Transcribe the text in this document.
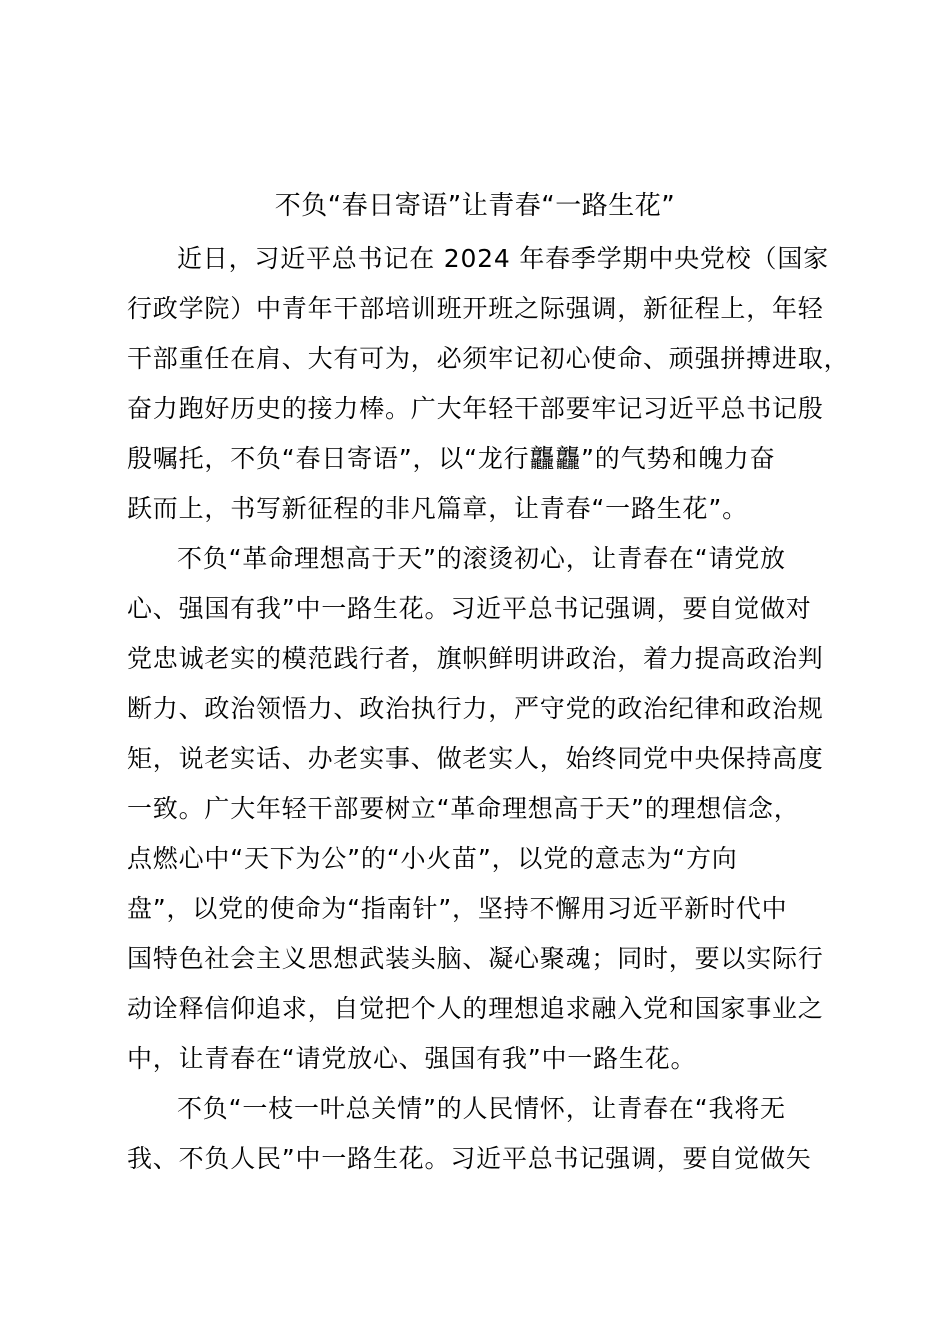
不负“春日寄语”让青春“一路生花”
近日，习近平总书记在 2024 年春季学期中央党校（国家
行政学院）中青年干部培训班开班之际强调，新征程上，年轻
干部重任在肩、大有可为，必须牢记初心使命、顽强拼搏进取，
奋力跑好历史的接力棒。广大年轻干部要牢记习近平总书记殷
殷嘱托，不负“春日寄语”，以“龙行龘龘”的气势和魄力奋
跃而上，书写新征程的非凡篇章，让青春“一路生花”。
不负“革命理想高于天”的滚烫初心，让青春在“请党放
心、强国有我”中一路生花。习近平总书记强调，要自觉做对
党忠诚老实的模范践行者，旗帜鲜明讲政治，着力提高政治判
断力、政治领悟力、政治执行力，严守党的政治纪律和政治规
矩，说老实话、办老实事、做老实人，始终同党中央保持高度
一致。广大年轻干部要树立“革命理想高于天”的理想信念，
点燃心中“天下为公”的“小火苗”，以党的意志为“方向
盘”，以党的使命为“指南针”，坚持不懈用习近平新时代中
国特色社会主义思想武装头脑、凝心聚魂；同时，要以实际行
动诠释信仰追求，自觉把个人的理想追求融入党和国家事业之
中，让青春在“请党放心、强国有我”中一路生花。
不负“一枝一叶总关情”的人民情怀，让青春在“我将无
我、不负人民”中一路生花。习近平总书记强调，要自觉做矢
